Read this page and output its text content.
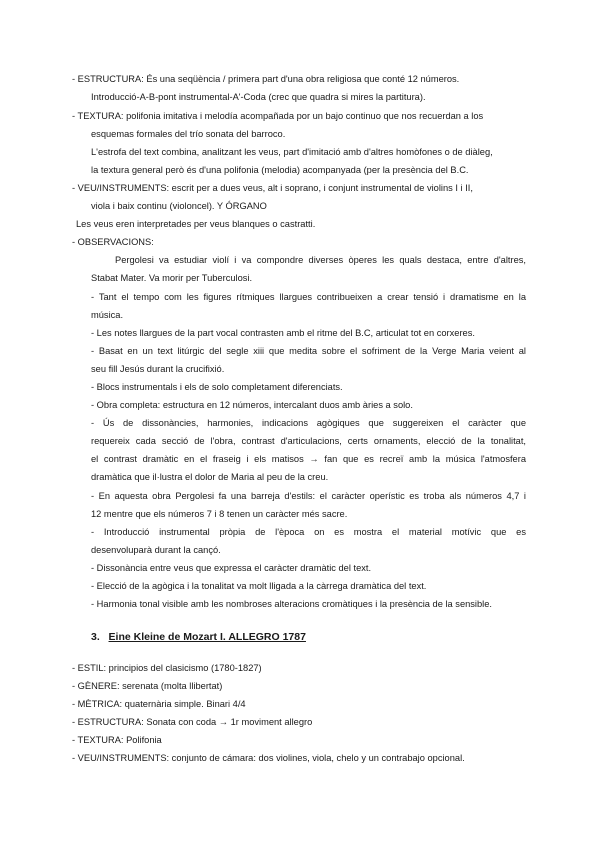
- ESTRUCTURA: És una seqüència / primera part d'una obra religiosa que conté 12 números.
Introducció-A-B-pont instrumental-A'-Coda (crec que quadra si mires la partitura).
- TEXTURA: polifonia imitativa i melodía acompañada por un bajo continuo que nos recuerdan a los
esquemas formales del trío sonata del barroco.
L'estrofa del text combina, analitzant les veus, part d'imitació amb d'altres homòfones o de diàleg,
la textura general però és d'una polifonia (melodia) acompanyada (per la presència del B.C.
- VEU/INSTRUMENTS: escrit per a dues veus, alt i soprano, i conjunt instrumental de violins I i II,
viola i baix continu (violoncel). Y ÓRGANO
Les veus eren interpretades per veus blanques o castratti.
- OBSERVACIONS:
Pergolesi va estudiar violí i va compondre diverses òperes les quals destaca, entre d'altres,
Stabat Mater. Va morir per Tuberculosi.
- Tant el tempo com les figures rítmiques llargues contribueixen a crear tensió i dramatisme en la
música.
- Les notes llargues de la part vocal contrasten amb el ritme del B.C, articulat tot en corxeres.
- Basat en un text litúrgic del segle xiii que medita sobre el sofriment de la Verge Maria veient al
seu fill Jesús durant la crucifixió.
- Blocs instrumentals i els de solo completament diferenciats.
- Obra completa: estructura en 12 números, intercalant duos amb àries a solo.
- Ús de dissonàncies, harmonies, indicacions agògiques que suggereixen el caràcter que
requereix cada secció de l'obra, contrast d'articulacions, certs ornaments, elecció de la tonalitat,
el contrast dramàtic en el fraseig i els matisos → fan que es recreï amb la música l'atmosfera
dramàtica que il·lustra el dolor de Maria al peu de la creu.
- En aquesta obra Pergolesi fa una barreja d'estils: el caràcter operístic es troba als números 4,7 i
12 mentre que els números 7 i 8 tenen un caràcter més sacre.
- Introducció instrumental pròpia de l'època on es mostra el material motívic que es
desenvoluparà durant la cançó.
- Dissonància entre veus que expressa el caràcter dramàtic del text.
- Elecció de la agògica i la tonalitat va molt lligada a la càrrega dramàtica del text.
- Harmonia tonal visible amb les nombroses alteracions cromàtiques i la presència de la sensible.
3. Eine Kleine de Mozart I. ALLEGRO 1787
- ESTIL: principios del clasicismo (1780-1827)
- GÈNERE: serenata (molta llibertat)
- MÈTRICA: quaternària simple. Binari 4/4
- ESTRUCTURA: Sonata con coda → 1r moviment allegro
- TEXTURA: Polifonia
- VEU/INSTRUMENTS: conjunto de cámara: dos violines, viola, chelo y un contrabajo opcional.
